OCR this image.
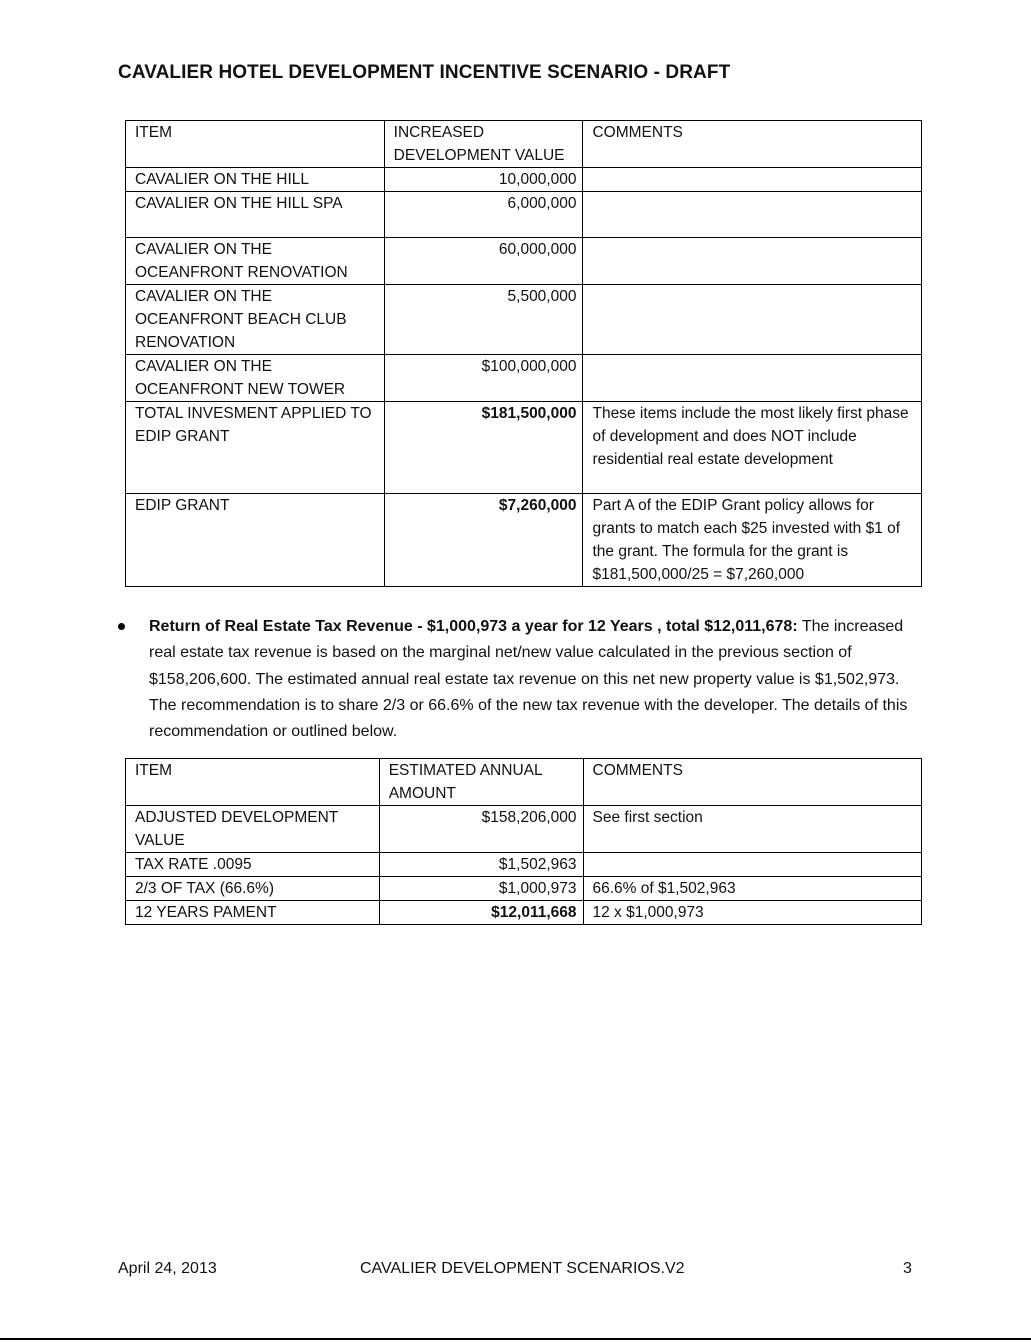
CAVALIER HOTEL DEVELOPMENT INCENTIVE SCENARIO - DRAFT
ITEM	INCREASED DEVELOPMENT VALUE	COMMENTS
CAVALIER ON THE HILL	10,000,000	
CAVALIER ON THE HILL SPA	6,000,000	
CAVALIER ON THE OCEANFRONT RENOVATION	60,000,000	
CAVALIER ON THE OCEANFRONT BEACH CLUB RENOVATION	5,500,000	
CAVALIER ON THE OCEANFRONT NEW TOWER	$100,000,000	
TOTAL INVESMENT APPLIED TO EDIP GRANT	$181,500,000	These items include the most likely first phase of development and does NOT include residential real estate development
EDIP GRANT	$7,260,000	Part A of the EDIP Grant policy allows for grants to match each $25 invested with $1 of the grant. The formula for the grant is $181,500,000/25 = $7,260,000

Return of Real Estate Tax Revenue - $1,000,973 a year for 12 Years , total $12,011,678: The increased real estate tax revenue is based on the marginal net/new value calculated in the previous section of $158,206,600. The estimated annual real estate tax revenue on this net new property value is $1,502,973. The recommendation is to share 2/3 or 66.6% of the new tax revenue with the developer. The details of this recommendation or outlined below.

ITEM	ESTIMATED ANNUAL AMOUNT	COMMENTS
ADJUSTED DEVELOPMENT VALUE	$158,206,000	See first section
TAX RATE .0095	$1,502,963	
2/3 OF TAX (66.6%)	$1,000,973	66.6% of $1,502,963
12 YEARS PAMENT	$12,011,668	12 x $1,000,973
April 24, 2013	CAVALIER DEVELOPMENT SCENARIOS.V2	3
